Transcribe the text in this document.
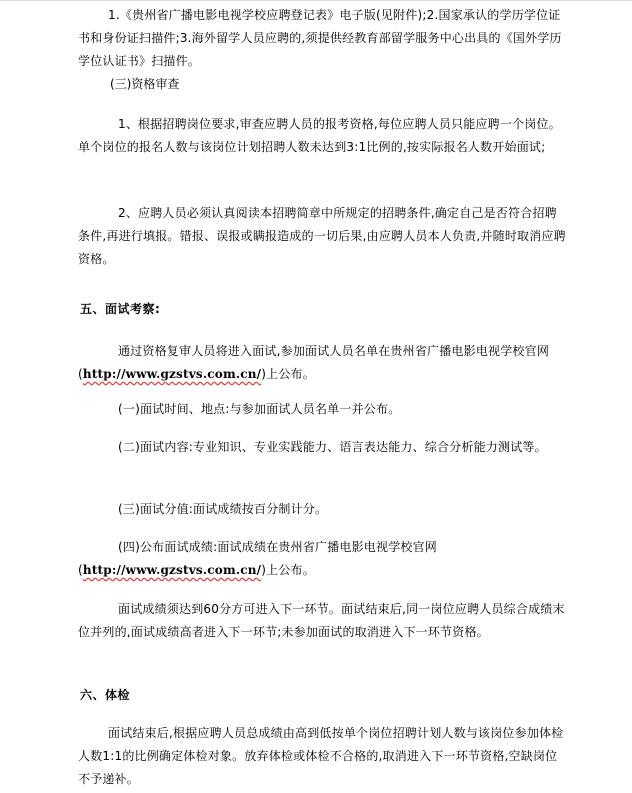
1.《贵州省广播电影电视学校应聘登记表》电子版(见附件);2.国家承认的学历学位证书和身份证扫描件;3.海外留学人员应聘的,须提供经教育部留学服务中心出具的《国外学历学位认证书》扫描件。

(三)资格审查

1、根据招聘岗位要求,审查应聘人员的报考资格,每位应聘人员只能应聘一个岗位。单个岗位的报名人数与该岗位计划招聘人数未达到3:1比例的,按实际报名人数开始面试;

2、应聘人员必须认真阅读本招聘简章中所规定的招聘条件,确定自己是否符合招聘条件,再进行填报。错报、误报或瞒报造成的一切后果,由应聘人员本人负责,并随时取消应聘资格。

五、面试考察:

通过资格复审人员将进入面试,参加面试人员名单在贵州省广播电影电视学校官网(http://www.gzstvs.com.cn/)上公布。

(一)面试时间、地点:与参加面试人员名单一并公布。

(二)面试内容:专业知识、专业实践能力、语言表达能力、综合分析能力测试等。

(三)面试分值:面试成绩按百分制计分。

(四)公布面试成绩:面试成绩在贵州省广播电影电视学校官网(http://www.gzstvs.com.cn/)上公布。

面试成绩须达到60分方可进入下一环节。面试结束后,同一岗位应聘人员综合成绩末位并列的,面试成绩高者进入下一环节;未参加面试的取消进入下一环节资格。

六、体检

面试结束后,根据应聘人员总成绩由高到低按单个岗位招聘计划人数与该岗位参加体检人数1:1的比例确定体检对象。放弃体检或体检不合格的,取消进入下一环节资格,空缺岗位不予递补。
